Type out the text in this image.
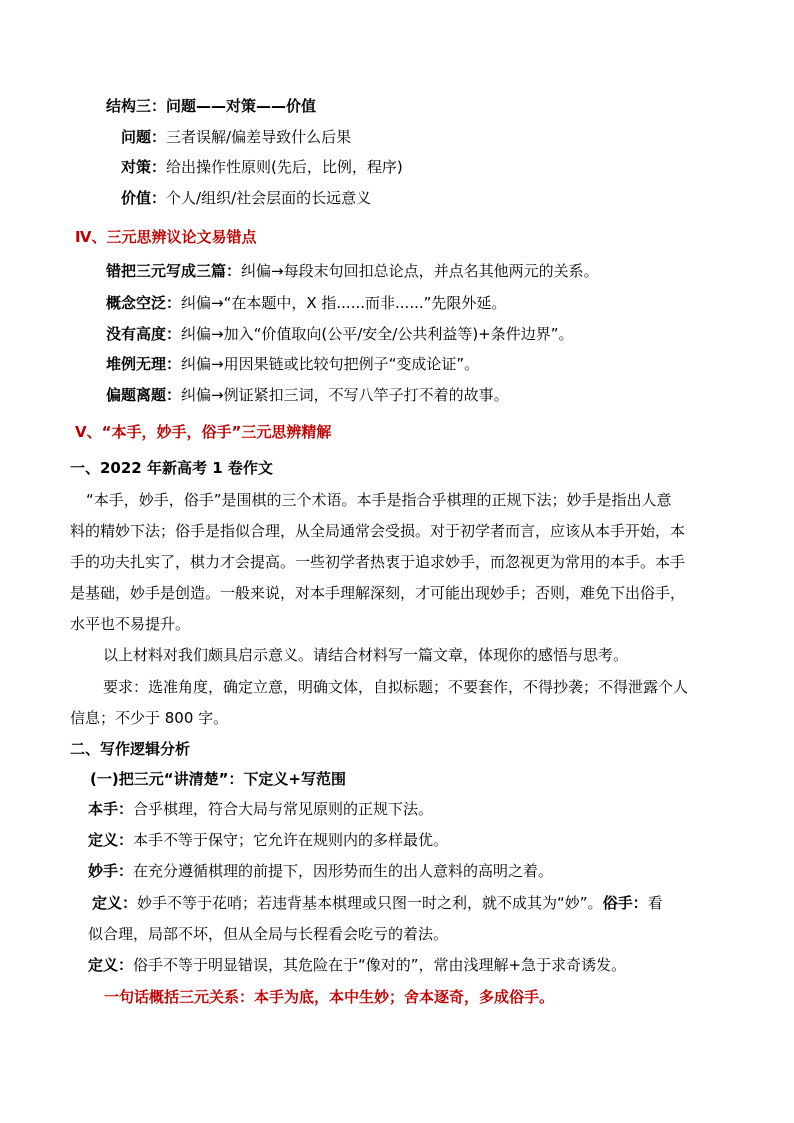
结构三：问题——对策——价值
问题：三者误解/偏差导致什么后果
对策：给出操作性原则(先后，比例，程序)
价值：个人/组织/社会层面的长远意义
Ⅳ、三元思辨议论文易错点
错把三元写成三篇：纠偏→每段末句回扣总论点，并点名其他两元的关系。
概念空泛：纠偏→“在本题中，X 指......而非......”先限外延。
没有高度：纠偏→加入“价值取向(公平/安全/公共利益等)+条件边界”。
堆例无理：纠偏→用因果链或比较句把例子“变成论证”。
偏题离题：纠偏→例证紧扣三词，不写八竿子打不着的故事。
Ⅴ、“本手，妙手，俗手”三元思辨精解
一、2022 年新高考 1 卷作文
“本手，妙手，俗手”是围棋的三个术语。本手是指合乎棋理的正规下法；妙手是指出人意
料的精妙下法；俗手是指似合理，从全局通常会受损。对于初学者而言，应该从本手开始，本
手的功夫扎实了，棋力才会提高。一些初学者热衷于追求妙手，而忽视更为常用的本手。本手
是基础，妙手是创造。一般来说，对本手理解深刻，才可能出现妙手；否则，难免下出俗手，
水平也不易提升。
以上材料对我们颇具启示意义。请结合材料写一篇文章，体现你的感悟与思考。
要求：选准角度，确定立意，明确文体，自拟标题；不要套作，不得抄袭；不得泄露个人
信息；不少于 800 字。
二、写作逻辑分析
(一)把三元“讲清楚”：下定义+写范围
本手：合乎棋理，符合大局与常见原则的正规下法。
定义：本手不等于保守；它允许在规则内的多样最优。
妙手：在充分遵循棋理的前提下，因形势而生的出人意料的高明之着。
定义：妙手不等于花哨；若违背基本棋理或只图一时之利，就不成其为“妙”。俗手：看
似合理，局部不坏，但从全局与长程看会吃亏的着法。
定义：俗手不等于明显错误，其危险在于“像对的”，常由浅理解+急于求奇诱发。
一句话概括三元关系：本手为底，本中生妙；舍本逐奇，多成俗手。
